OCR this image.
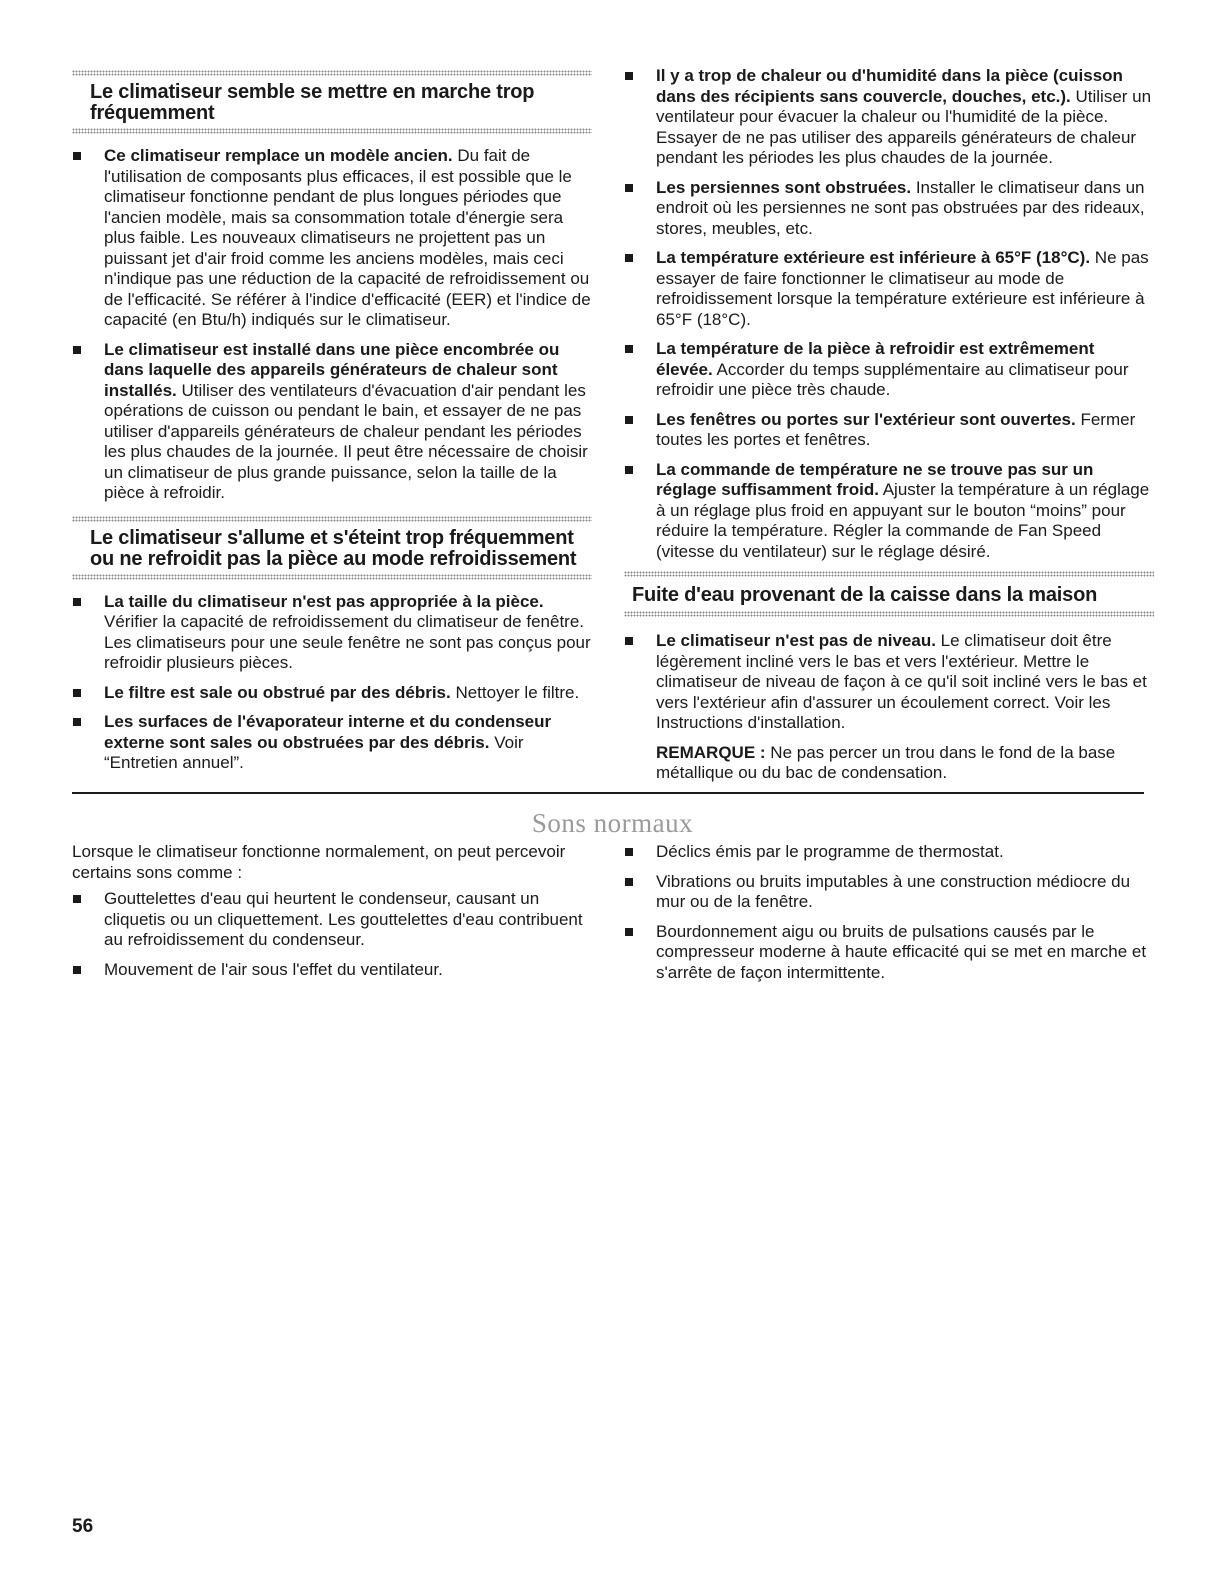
Le climatiseur semble se mettre en marche trop fréquemment
Ce climatiseur remplace un modèle ancien. Du fait de l'utilisation de composants plus efficaces, il est possible que le climatiseur fonctionne pendant de plus longues périodes que l'ancien modèle, mais sa consommation totale d'énergie sera plus faible. Les nouveaux climatiseurs ne projettent pas un puissant jet d'air froid comme les anciens modèles, mais ceci n'indique pas une réduction de la capacité de refroidissement ou de l'efficacité. Se référer à l'indice d'efficacité (EER) et l'indice de capacité (en Btu/h) indiqués sur le climatiseur.
Le climatiseur est installé dans une pièce encombrée ou dans laquelle des appareils générateurs de chaleur sont installés. Utiliser des ventilateurs d'évacuation d'air pendant les opérations de cuisson ou pendant le bain, et essayer de ne pas utiliser d'appareils générateurs de chaleur pendant les périodes les plus chaudes de la journée. Il peut être nécessaire de choisir un climatiseur de plus grande puissance, selon la taille de la pièce à refroidir.
Le climatiseur s'allume et s'éteint trop fréquemment ou ne refroidit pas la pièce au mode refroidissement
La taille du climatiseur n'est pas appropriée à la pièce. Vérifier la capacité de refroidissement du climatiseur de fenêtre. Les climatiseurs pour une seule fenêtre ne sont pas conçus pour refroidir plusieurs pièces.
Le filtre est sale ou obstrué par des débris. Nettoyer le filtre.
Les surfaces de l'évaporateur interne et du condenseur externe sont sales ou obstruées par des débris. Voir “Entretien annuel”.
Il y a trop de chaleur ou d'humidité dans la pièce (cuisson dans des récipients sans couvercle, douches, etc.). Utiliser un ventilateur pour évacuer la chaleur ou l'humidité de la pièce. Essayer de ne pas utiliser des appareils générateurs de chaleur pendant les périodes les plus chaudes de la journée.
Les persiennes sont obstruées. Installer le climatiseur dans un endroit où les persiennes ne sont pas obstruées par des rideaux, stores, meubles, etc.
La température extérieure est inférieure à 65°F (18°C). Ne pas essayer de faire fonctionner le climatiseur au mode de refroidissement lorsque la température extérieure est inférieure à 65°F (18°C).
La température de la pièce à refroidir est extrêmement élevée. Accorder du temps supplémentaire au climatiseur pour refroidir une pièce très chaude.
Les fenêtres ou portes sur l'extérieur sont ouvertes. Fermer toutes les portes et fenêtres.
La commande de température ne se trouve pas sur un réglage suffisamment froid. Ajuster la température à un réglage à un réglage plus froid en appuyant sur le bouton “moins” pour réduire la température. Régler la commande de Fan Speed (vitesse du ventilateur) sur le réglage désiré.
Fuite d'eau provenant de la caisse dans la maison
Le climatiseur n'est pas de niveau. Le climatiseur doit être légèrement incliné vers le bas et vers l'extérieur. Mettre le climatiseur de niveau de façon à ce qu'il soit incliné vers le bas et vers l'extérieur afin d'assurer un écoulement correct. Voir les Instructions d'installation.

REMARQUE : Ne pas percer un trou dans le fond de la base métallique ou du bac de condensation.

Sons normaux

Lorsque le climatiseur fonctionne normalement, on peut percevoir certains sons comme :

Gouttelettes d'eau qui heurtent le condenseur, causant un cliquetis ou un cliquettement. Les gouttelettes d'eau contribuent au refroidissement du condenseur.
Mouvement de l'air sous l'effet du ventilateur.
Déclics émis par le programme de thermostat.
Vibrations ou bruits imputables à une construction médiocre du mur ou de la fenêtre.
Bourdonnement aigu ou bruits de pulsations causés par le compresseur moderne à haute efficacité qui se met en marche et s'arrête de façon intermittente.
56
